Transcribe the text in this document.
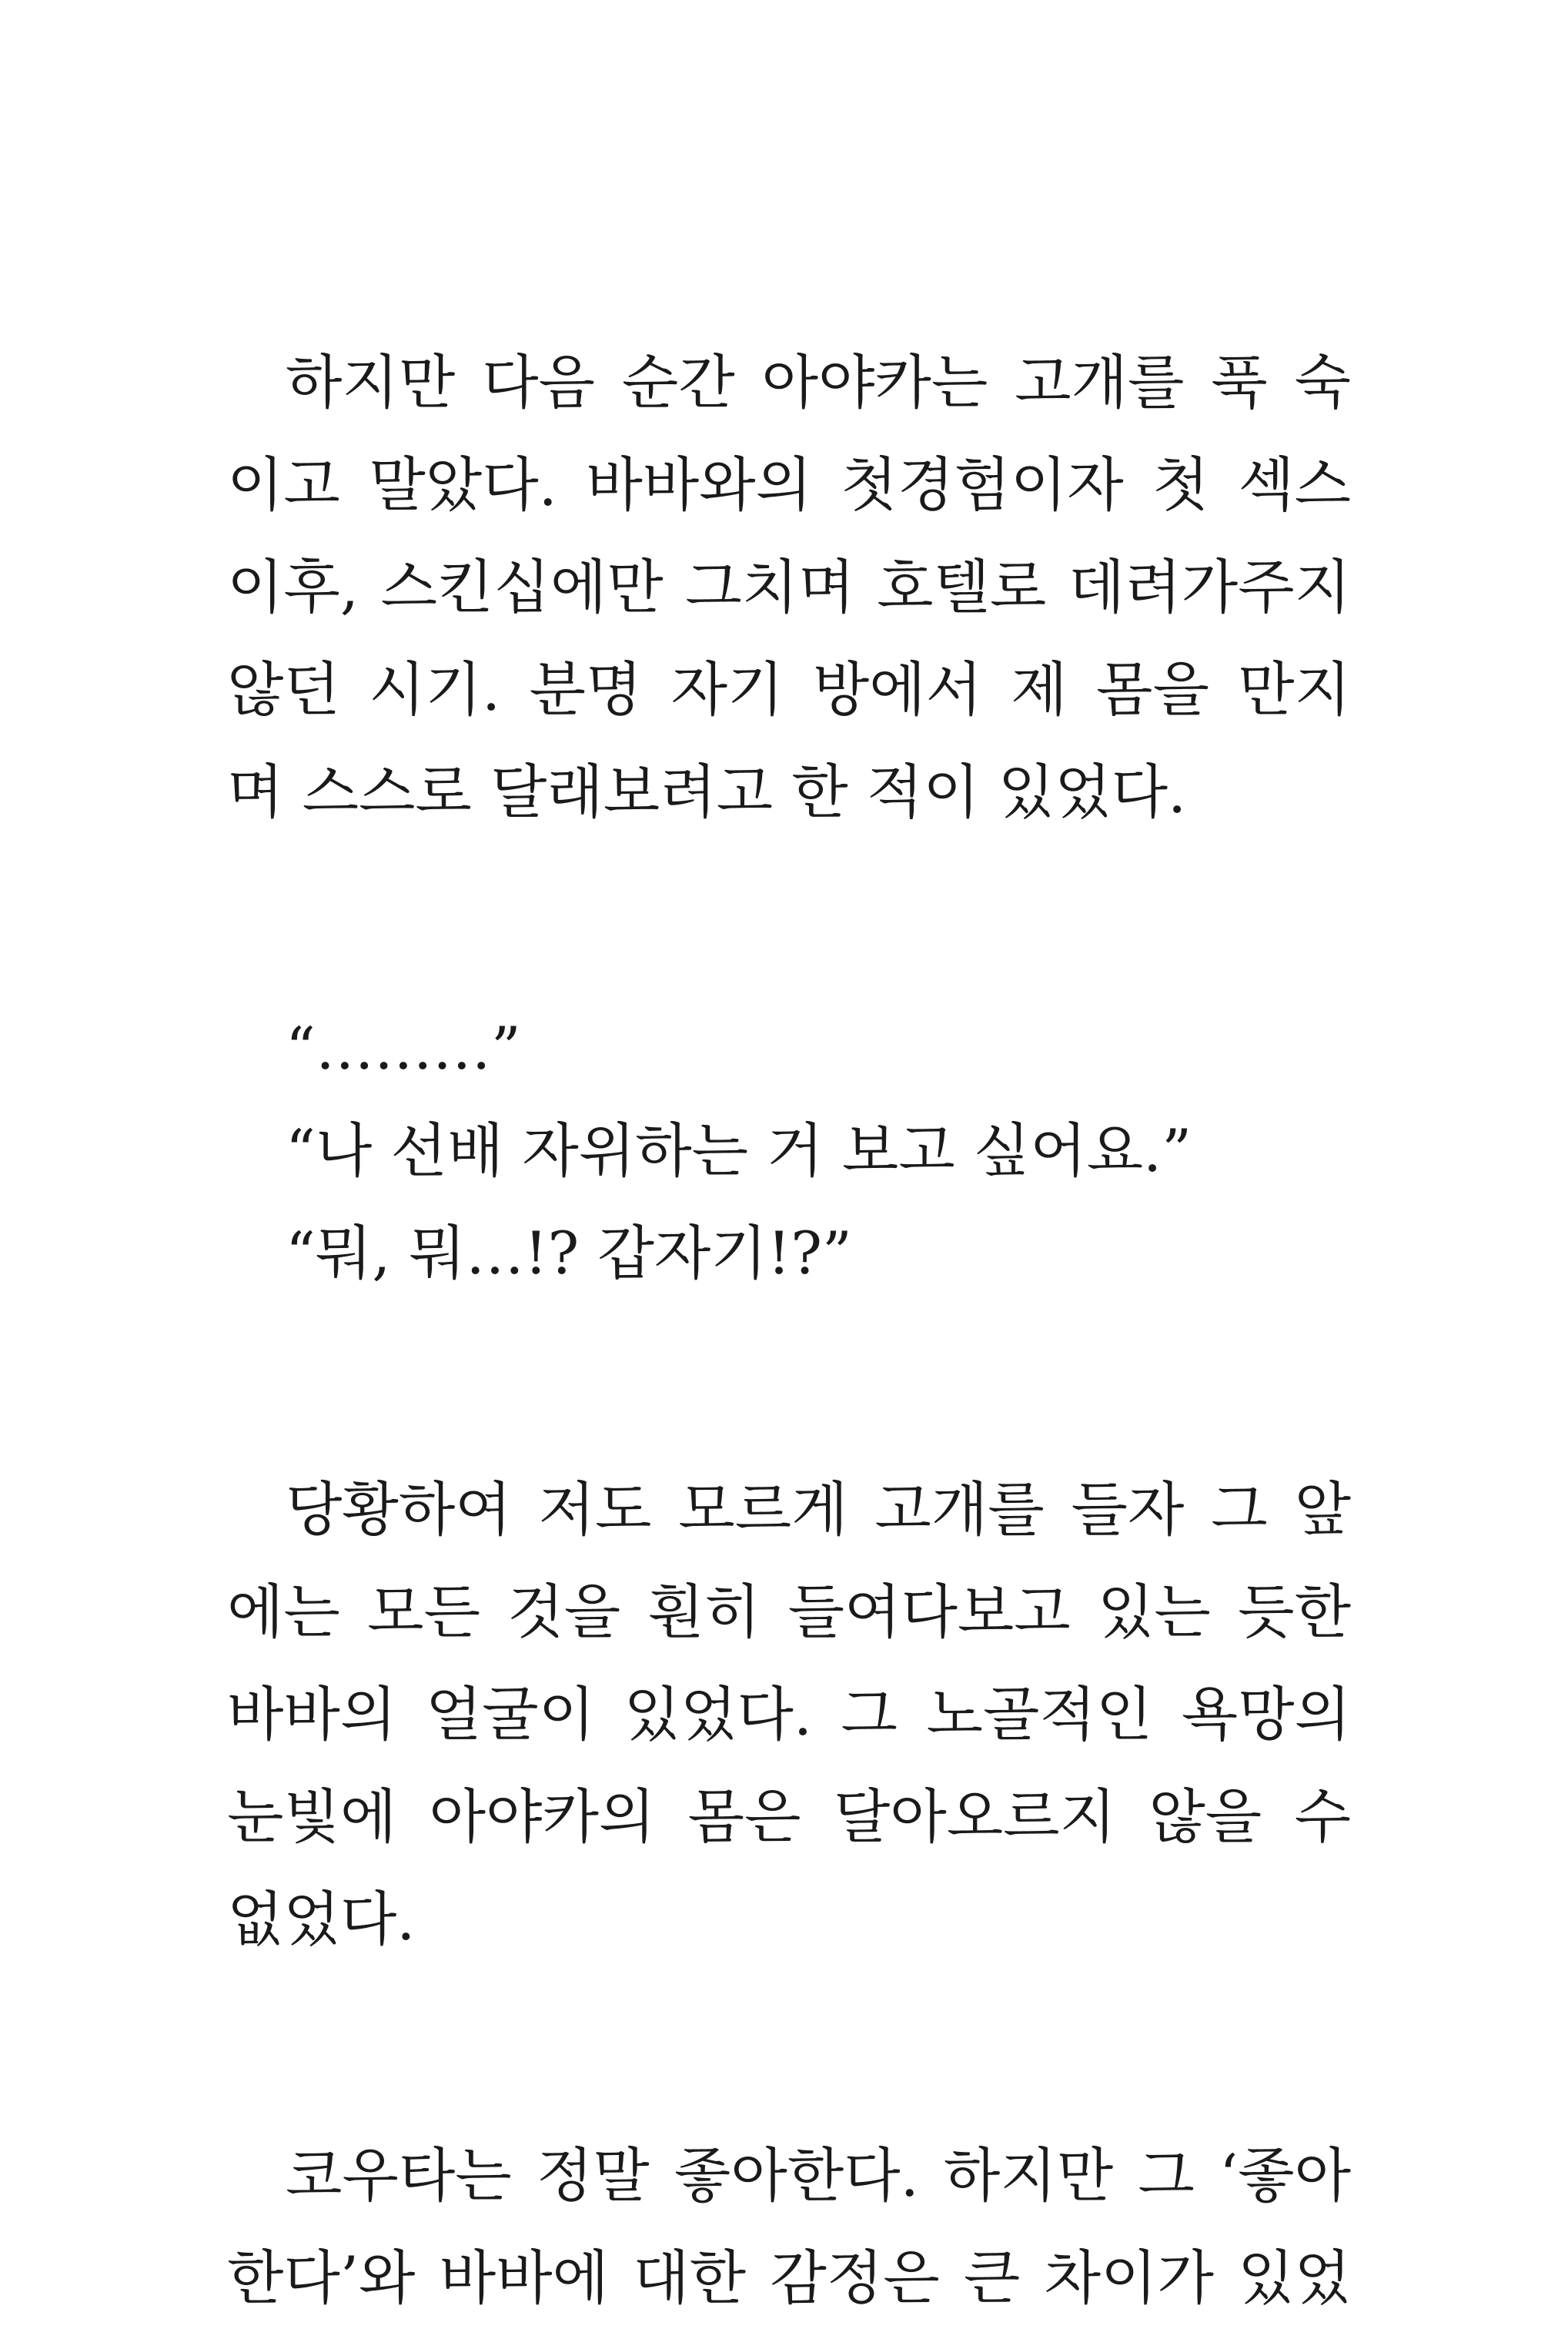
하지만 다음 순간 아야카는 고개를 푹 숙
이고 말았다. 바바와의 첫경험이자 첫 섹스
이후, 스킨십에만 그치며 호텔로 데려가주지
않던 시기. 분명 자기 방에서 제 몸을 만지
며 스스로 달래보려고 한 적이 있었다.
“………”
“나 선배 자위하는 거 보고 싶어요.”
“뭐, 뭐…!? 갑자기!?”
당황하여 저도 모르게 고개를 들자 그 앞
에는 모든 것을 훤히 들여다보고 있는 듯한
바바의 얼굴이 있었다. 그 노골적인 욕망의
눈빛에 아야카의 몸은 달아오르지 않을 수
없었다.
코우타는 정말 좋아한다. 하지만 그 ‘좋아
한다’와 바바에 대한 감정은 큰 차이가 있었
